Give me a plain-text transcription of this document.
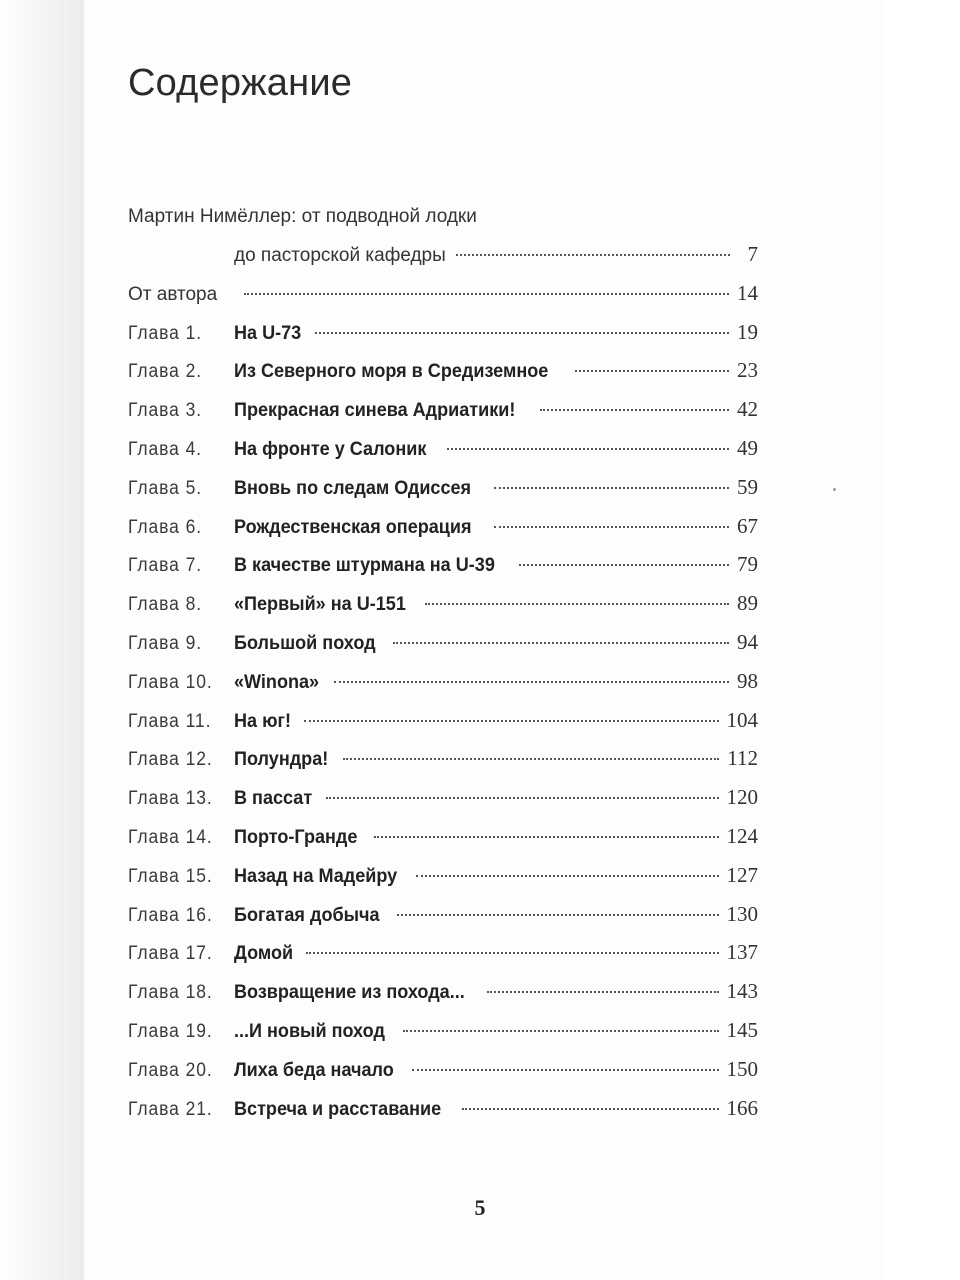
Содержание
Мартин Нимёллер: от подводной лодки
до пасторской кафедры	7
От автора	14
Глава 1.	На U-73	19
Глава 2.	Из Северного моря в Средиземное	23
Глава 3.	Прекрасная синева Адриатики!	42
Глава 4.	На фронте у Салоник	49
Глава 5.	Вновь по следам Одиссея	59
Глава 6.	Рождественская операция	67
Глава 7.	В качестве штурмана на U-39	79
Глава 8.	«Первый» на U-151	89
Глава 9.	Большой поход	94
Глава 10.	«Winona»	98
Глава 11.	На юг!	104
Глава 12.	Полундра!	112
Глава 13.	В пассат	120
Глава 14.	Порто-Гранде	124
Глава 15.	Назад на Мадейру	127
Глава 16.	Богатая добыча	130
Глава 17.	Домой	137
Глава 18.	Возвращение из похода...	143
Глава 19.	...И новый поход	145
Глава 20.	Лиха беда начало	150
Глава 21.	Встреча и расставание	166
5
